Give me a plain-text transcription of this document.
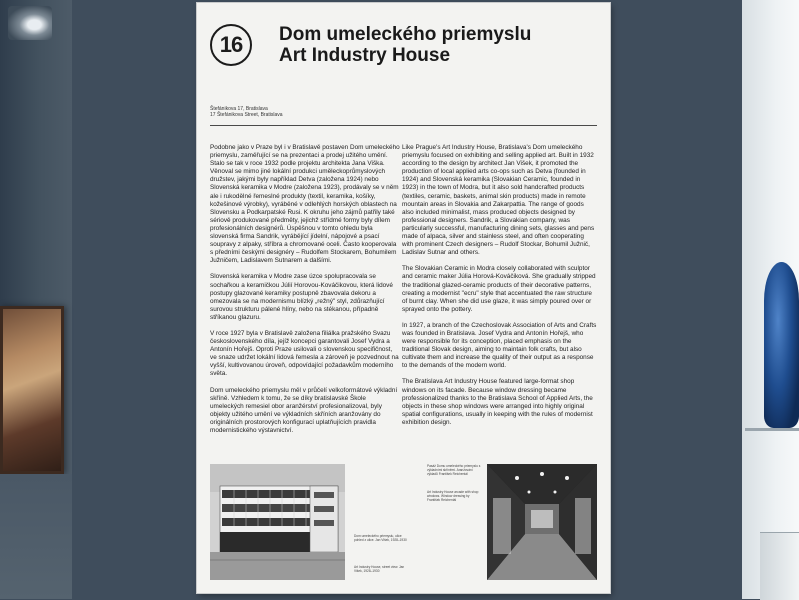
16 Dom umeleckého priemyslu
Art Industry House
Štefánikova 17, Bratislava
17 Štefánikova Street, Bratislava

Podobne jako v Praze byl i v Bratislavě postaven Dom umeleckého priemyslu, zaměřující se na prezentaci a prodej užitého umění. Stalo se tak v roce 1932 podle projektu architekta Jana Viška. Věnoval se mimo jiné lokální produkci uměleckoprůmyslových družstev, jakými byly například Detva (založena 1924) nebo Slovenská keramika v Modre (založena 1923), prodávaly se v něm ale i rukodělné řemeslné produkty (textil, keramika, košíky, kožešinové výrobky), vyráběné v odlehlých horských oblastech na Slovensku a Podkarpatské Rusi. K okruhu jeho zájmů patřily také sériově produkované předměty, jejichž střídmé formy byly dílem profesionálních designérů. Úspěšnou v tomto ohledu byla slovenská firma Sandrik, vyrábějící jídelní, nápojové a psací soupravy z alpaky, stříbra a chromované oceli. Často kooperovala s předními českými designéry – Rudolfem Stockarem, Bohumilem Južničem, Ladislavem Sutnarem a dalšími.

Slovenská keramika v Modre zase úzce spolupracovala se sochařkou a keramičkou Júlií Horovou-Kováčikovou, která lidové postupy glazované keramiky postupně zbavovala dekoru a omezovala se na modernismu blízký „režný" styl, zdůrazňující surovou strukturu pálené hlíny, nebo na stékanou, případně stříkanou glazuru.

V roce 1927 byla v Bratislavě založena filiálka pražského Svazu československého díla, jejíž koncepci garantovali Josef Vydra a Antonín Hořejš. Oproti Praze usilovali o slovenskou specifičnost, ve snaze udržet lokální lidová řemesla a zároveň je pozvednout na vyšší, kultivovanou úroveň, odpovídající požadavkům moderního světa.

Dom umeleckého priemyslu měl v průčelí velkoformátové výkladní skříně. Vzhledem k tomu, že se díky bratislavské Škole umeleckých remesiel obor aranžérství profesionalizoval, byly objekty užitého umění ve výkladních skříních aranžovány do originálních prostorových konfigurací uplatňujících pravidla modernistického výstavnictví.

Like Prague's Art Industry House, Bratislava's Dom umeleckého priemyslu focused on exhibiting and selling applied art. Built in 1932 according to the design by architect Jan Višek, it promoted the production of local applied arts co-ops such as Detva (founded in 1924) and Slovenská keramika (Slovakian Ceramic, founded in 1923) in the town of Modra, but it also sold handcrafted products (textiles, ceramic, baskets, animal skin products) made in remote mountain areas in Slovakia and Zakarpattia. The range of goods also included minimalist, mass produced objects designed by professional designers. Sandrik, a Slovakian company, was particularly successful, manufacturing dining sets, glasses and pens made of alpaca, silver and stainless steel, and often cooperating with prominent Czech designers – Rudolf Stockar, Bohumil Južnič, Ladislav Sutnar and others.

The Slovakian Ceramic in Modra closely collaborated with sculptor and ceramic maker Júlia Horová-Kováčiková. She gradually stripped the traditional glazed-ceramic products of their decorative patterns, creating a modernist "ecru" style that accentuated the raw structure of burnt clay. When she did use glaze, it was simply poured over or sprayed onto the pottery.

In 1927, a branch of the Czechoslovak Association of Arts and Crafts was founded in Bratislava. Josef Vydra and Antonín Hořejš, who were responsible for its conception, placed emphasis on the traditional Slovak design, aiming to maintain folk crafts, but also cultivate them and increase the quality of their output as a response to the demands of the modern world.

The Bratislava Art Industry House featured large-format shop windows on its facade. Because window dressing became professionalized thanks to the Bratislava School of Applied Arts, the objects in these shop windows were arranged into highly original spatial configurations, usually in keeping with the rules of modernist exhibition design.

Dom umeleckého priemyslu, ulice pohled z ulice. Jan Višek, 1928–1930
Art Industry House, street view. Jan Višek, 1928–1930
Pasáž Domu umeleckého priemyslu s výkladními skříněmi. Aranžování výkladů František Reichentál
Art Industry House arcade with shop windows. Window dressing by František Reichentál
